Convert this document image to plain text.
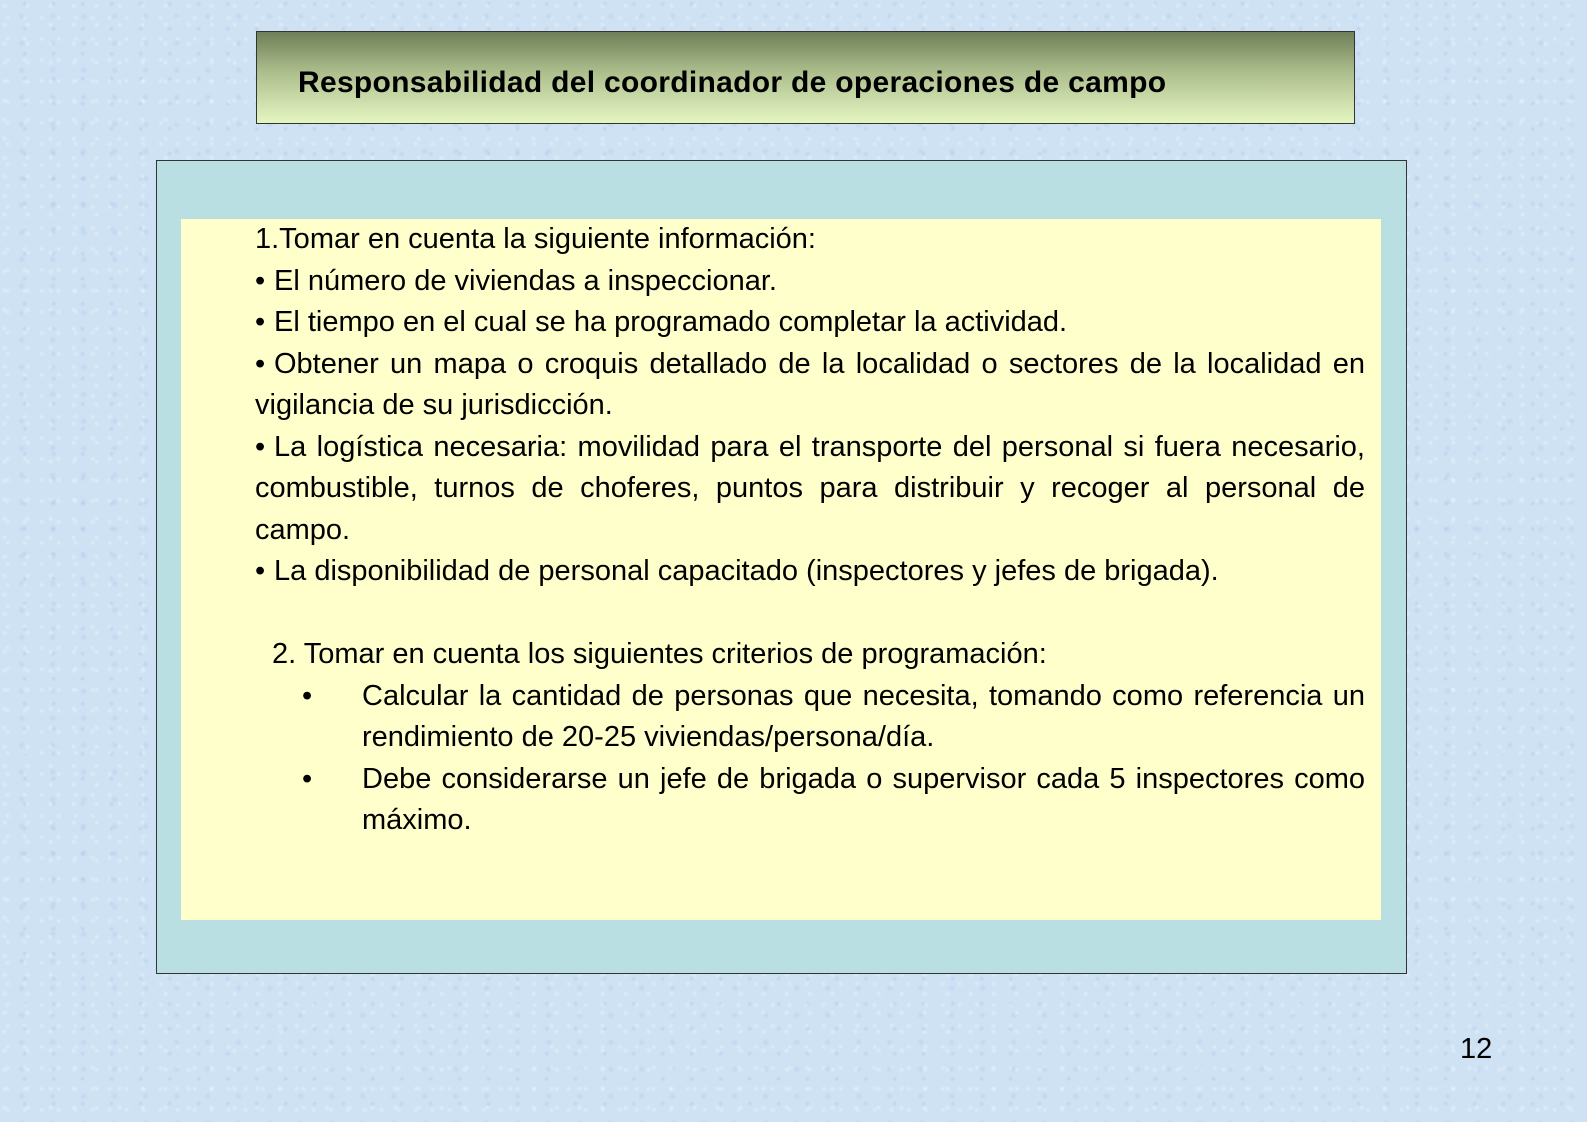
Responsabilidad del coordinador de operaciones de campo

1.Tomar en cuenta la siguiente información:

• El número de viviendas a inspeccionar.

• El tiempo en el cual se ha programado completar la actividad.

• Obtener un mapa o croquis detallado de la localidad o sectores de la localidad en vigilancia de su jurisdicción.

• La logística necesaria: movilidad para el transporte del personal si fuera necesario, combustible, turnos de choferes, puntos para distribuir y recoger al personal de campo.

• La disponibilidad de personal capacitado (inspectores y jefes de brigada).

2. Tomar en cuenta los siguientes criterios de programación:

• Calcular la cantidad de personas que necesita, tomando como referencia un rendimiento de 20-25 viviendas/persona/día.

• Debe considerarse un jefe de brigada o supervisor cada 5 inspectores como máximo.

12
